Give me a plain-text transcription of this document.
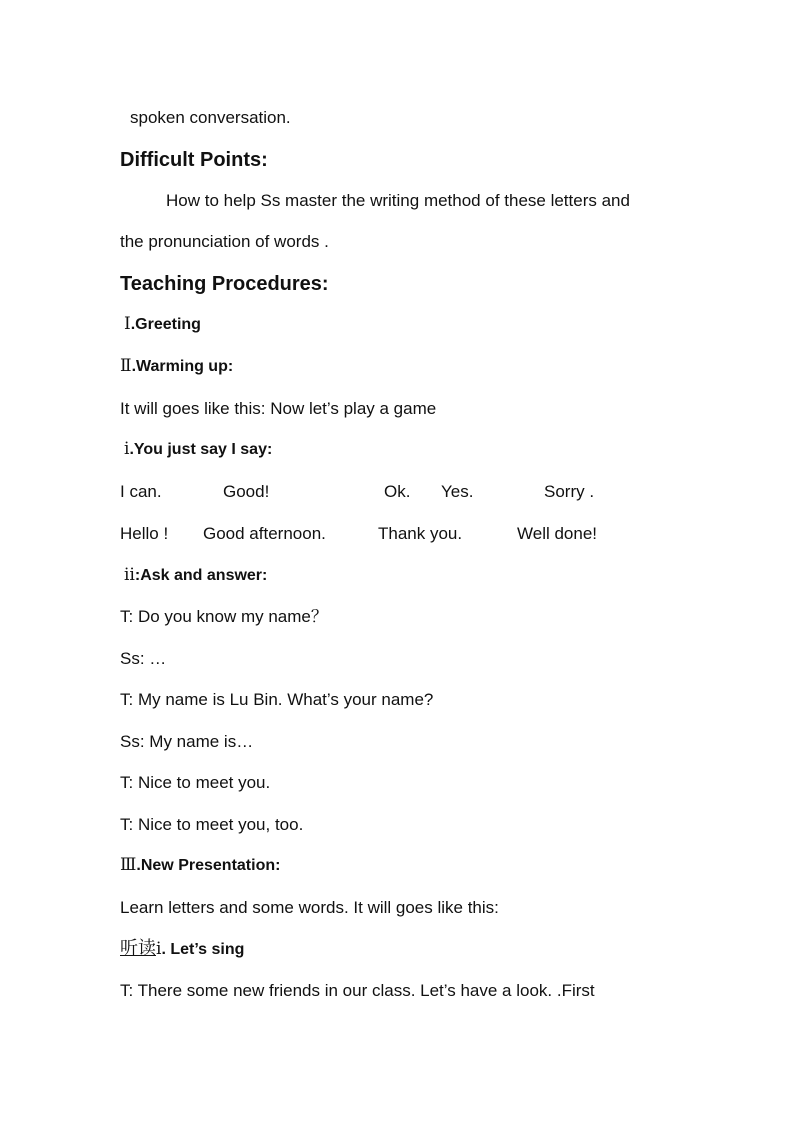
spoken conversation.
Difficult Points:
How to help Ss master the writing method of these letters and
the pronunciation of words .
Teaching Procedures:
Ⅰ.Greeting
Ⅱ.Warming up:
It will goes like this: Now let’s play a game
ⅰ.You just say I say:
I can.	Good!	Ok. Yes.	Sorry .
Hello ! Good afternoon.	Thank you.	Well done!
ⅱ:Ask and answer:
T: Do you know my name？
Ss: …
T: My name is Lu Bin. What’s your name?
Ss: My name is…
T: Nice to meet you.
T: Nice to meet you, too.
Ⅲ.New Presentation:
Learn letters and some words. It will goes like this:
听读ⅰ. Let’s sing
T: There some new friends in our class. Let’s have a look. .First
